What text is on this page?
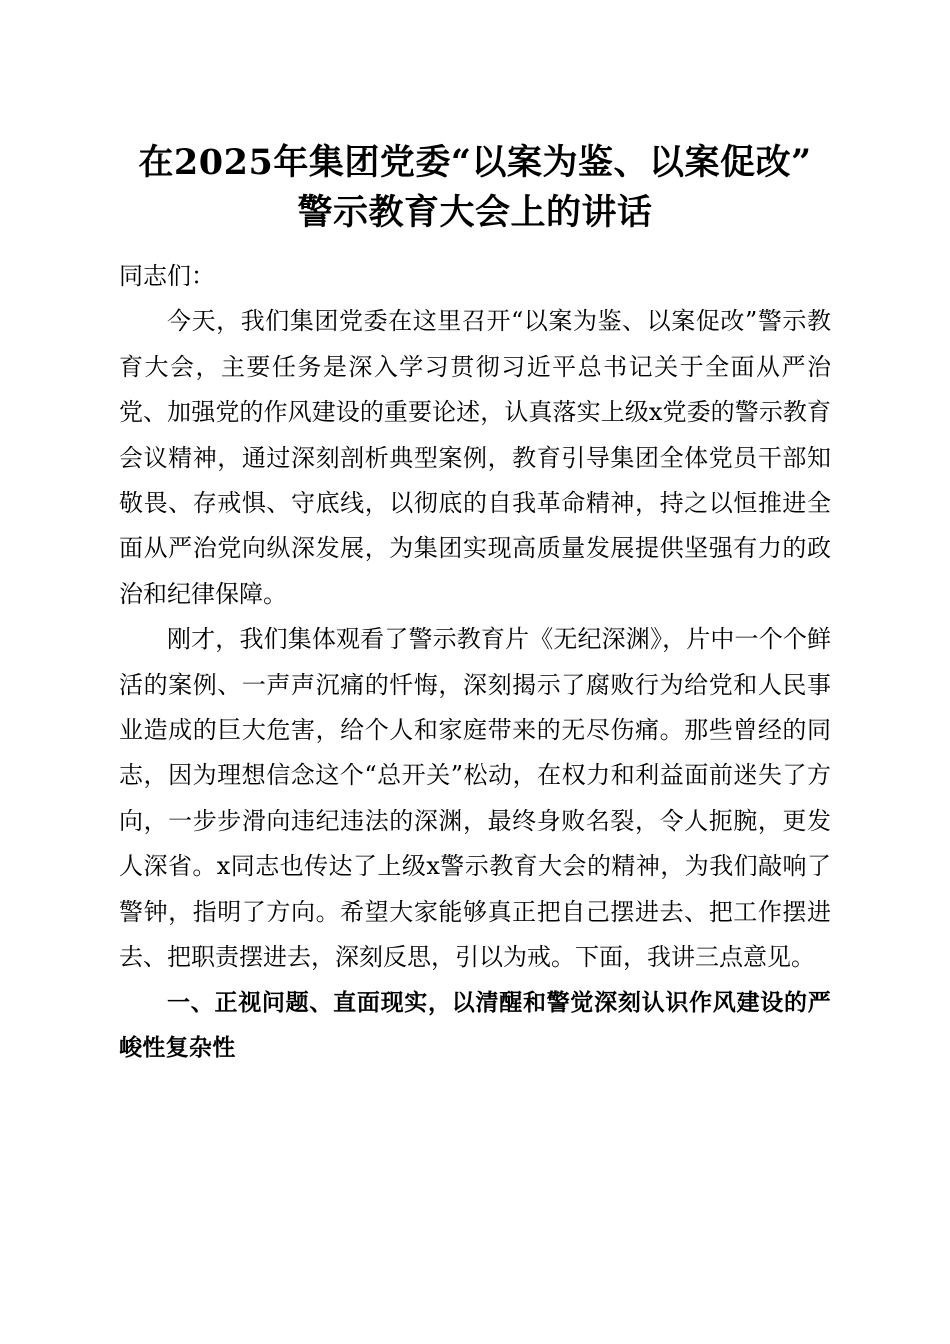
在2025年集团党委“以案为鉴、以案促改”
警示教育大会上的讲话

同志们：

今天，我们集团党委在这里召开“以案为鉴、以案促改”警示教育大会，主要任务是深入学习贯彻习近平总书记关于全面从严治党、加强党的作风建设的重要论述，认真落实上级x党委的警示教育会议精神，通过深刻剖析典型案例，教育引导集团全体党员干部知敬畏、存戒惧、守底线，以彻底的自我革命精神，持之以恒推进全面从严治党向纵深发展，为集团实现高质量发展提供坚强有力的政治和纪律保障。

刚才，我们集体观看了警示教育片《无纪深渊》，片中一个个鲜活的案例、一声声沉痛的忏悔，深刻揭示了腐败行为给党和人民事业造成的巨大危害，给个人和家庭带来的无尽伤痛。那些曾经的同志，因为理想信念这个“总开关”松动，在权力和利益面前迷失了方向，一步步滑向违纪违法的深渊，最终身败名裂，令人扼腕，更发人深省。x同志也传达了上级x警示教育大会的精神，为我们敲响了警钟，指明了方向。希望大家能够真正把自己摆进去、把工作摆进去、把职责摆进去，深刻反思，引以为戒。下面，我讲三点意见。

一、正视问题、直面现实，以清醒和警觉深刻认识作风建设的严峻性复杂性
